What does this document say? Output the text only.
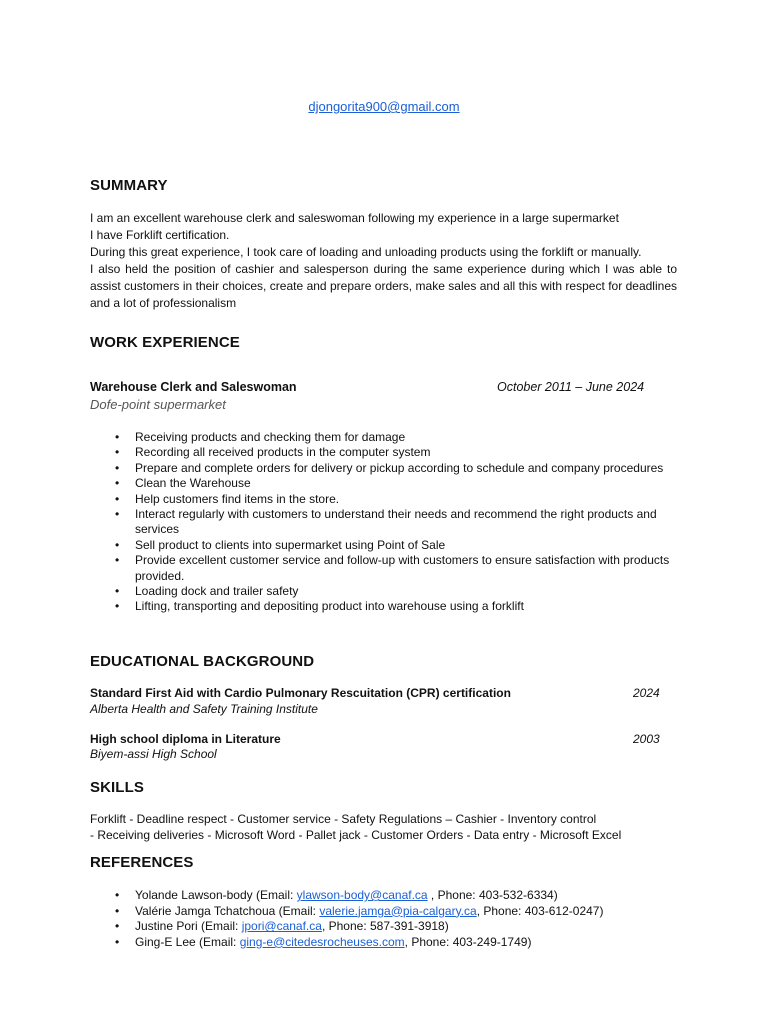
djongorita900@gmail.com
SUMMARY

I am an excellent warehouse clerk and saleswoman following my experience in a large supermarket

I have Forklift certification.

During this great experience, I took care of loading and unloading products using the forklift or manually.

I also held the position of cashier and salesperson during the same experience during which I was able to assist customers in their choices, create and prepare orders, make sales and all this with respect for deadlines and a lot of professionalism

WORK EXPERIENCE
Warehouse Clerk and Saleswoman	October 2011 – June 2024
Dofe-point supermarket
• Receiving products and checking them for damage
• Recording all received products in the computer system
• Prepare and complete orders for delivery or pickup according to schedule and company procedures
• Clean the Warehouse
• Help customers find items in the store.
• Interact regularly with customers to understand their needs and recommend the right products and services
• Sell product to clients into supermarket using Point of Sale
• Provide excellent customer service and follow-up with customers to ensure satisfaction with products provided.
• Loading dock and trailer safety
• Lifting, transporting and depositing product into warehouse using a forklift
EDUCATIONAL BACKGROUND
Standard First Aid with Cardio Pulmonary Rescuitation (CPR) certification	2024
Alberta Health and Safety Training Institute
High school diploma in Literature	2003
Biyem-assi High School
SKILLS
Forklift - Deadline respect - Customer service - Safety Regulations – Cashier - Inventory control
- Receiving deliveries - Microsoft Word - Pallet jack - Customer Orders - Data entry - Microsoft Excel
REFERENCES
• Yolande Lawson-body (Email: ylawson-body@canaf.ca , Phone: 403-532-6334)
• Valérie Jamga Tchatchoua (Email: valerie.jamga@pia-calgary.ca, Phone: 403-612-0247)
• Justine Pori (Email: jpori@canaf.ca, Phone: 587-391-3918)
• Ging-E Lee (Email: ging-e@citedesrocheuses.com, Phone: 403-249-1749)
